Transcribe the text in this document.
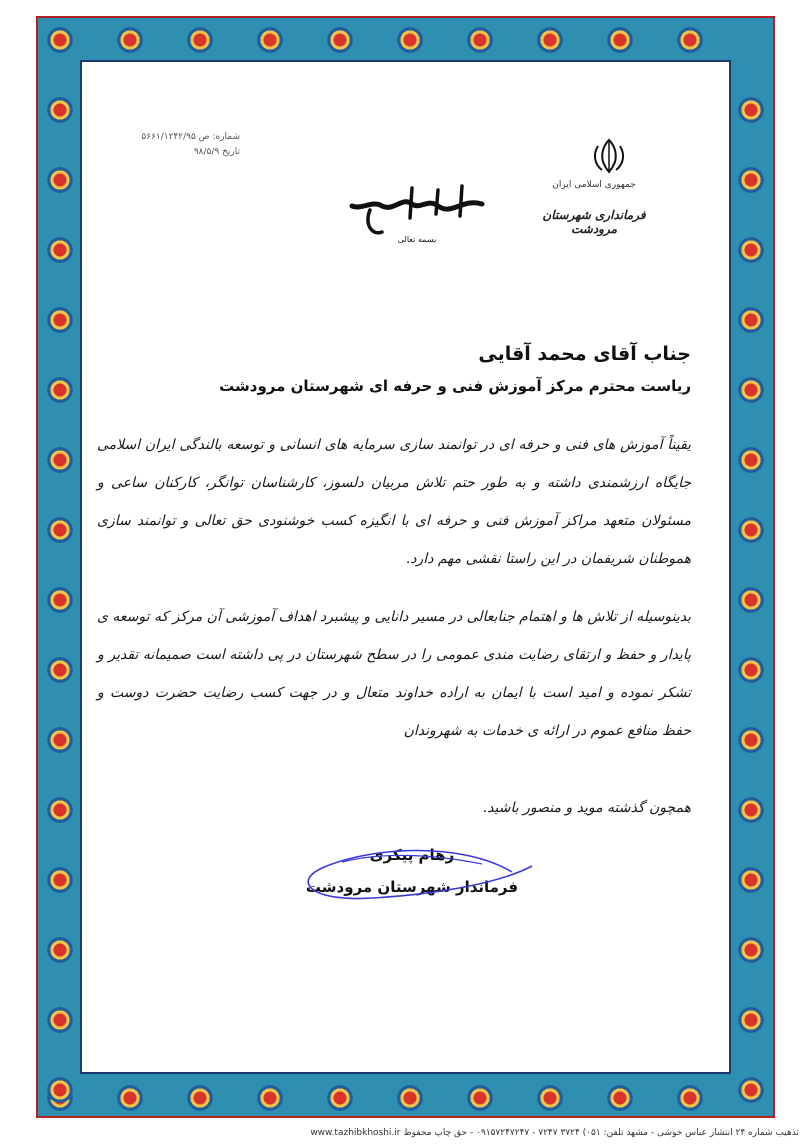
شماره: ص ۵۶۶۱/۱۲۴۲/۹۵
تاریخ ۹۸/۵/۹
جمهوری اسلامی ایران
فرمانداری شهرستان مرودشت
بسمه تعالی
جناب آقای محمد آقایی
ریاست محترم مرکز آموزش فنی و حرفه ای شهرستان مرودشت

یقیناً آموزش های فنی و حرفه ای در توانمند سازی سرمایه های انسانی و توسعه بالندگی ایران اسلامی جایگاه ارزشمندی داشته و به طور حتم تلاش مربیان دلسوز، کارشناسان توانگر، کارکنان ساعی و مسئولان متعهد مراکز آموزش فنی و حرفه ای با انگیزه کسب خوشنودی حق تعالی و توانمند سازی هموطنان شریفمان در این راستا نقشی مهم دارد.

بدینوسیله از تلاش ها و اهتمام جنابعالی در مسیر دانایی و پیشبرد اهداف آموزشی آن مرکز که توسعه ی پایدار و حفظ و ارتقای رضایت مندی عمومی را در سطح شهرستان در پی داشته است صمیمانه تقدیر و تشکر نموده و امید است با ایمان به اراده خداوند متعال و در جهت کسب رضایت حضرت دوست و حفظ منافع عموم در ارائه ی خدمات به شهروندان

همچون گذشته موید و منصور باشید.
رهام پیکری
فرماندار شهرستان مرودشت
تذهیب شماره ۲۴ انتشار عباس خوشی - مشهد تلفن: ۰۵۱) ۳۷۲۴ ۷۲۴۷ - ۰۹۱۵۷۲۴۷۲۴۷ - حق چاپ محفوظ www.tazhibkhoshi.ir
